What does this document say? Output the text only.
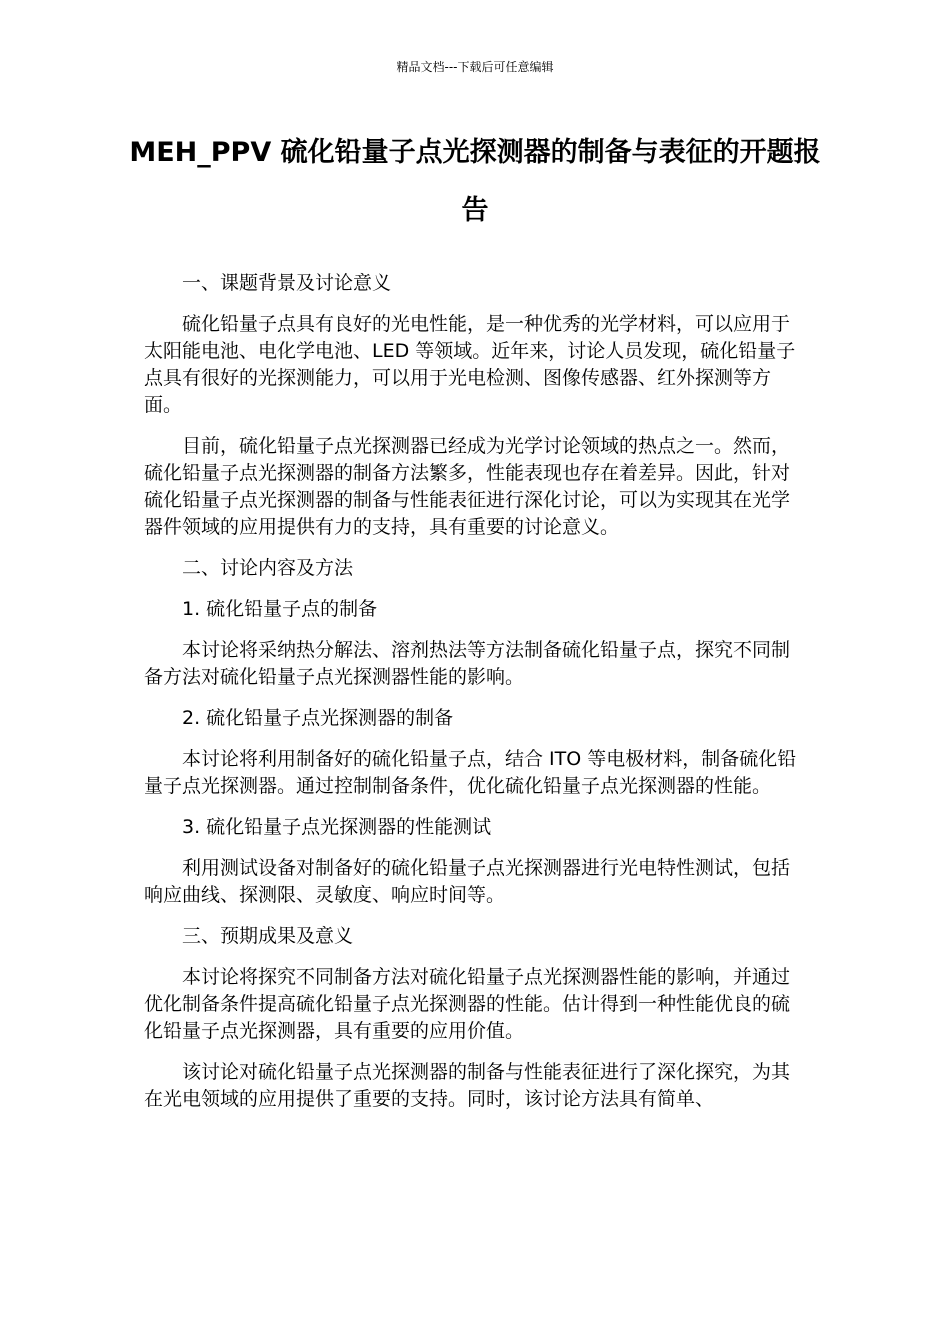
精品文档---下载后可任意编辑
MEH_PPV 硫化铅量子点光探测器的制备与表征的开题报告

一、课题背景及讨论意义

硫化铅量子点具有良好的光电性能，是一种优秀的光学材料，可以应用于太阳能电池、电化学电池、LED 等领域。近年来，讨论人员发现，硫化铅量子点具有很好的光探测能力，可以用于光电检测、图像传感器、红外探测等方面。

目前，硫化铅量子点光探测器已经成为光学讨论领域的热点之一。然而，硫化铅量子点光探测器的制备方法繁多，性能表现也存在着差异。因此，针对硫化铅量子点光探测器的制备与性能表征进行深化讨论，可以为实现其在光学器件领域的应用提供有力的支持，具有重要的讨论意义。

二、讨论内容及方法

1. 硫化铅量子点的制备

本讨论将采纳热分解法、溶剂热法等方法制备硫化铅量子点，探究不同制备方法对硫化铅量子点光探测器性能的影响。

2. 硫化铅量子点光探测器的制备

本讨论将利用制备好的硫化铅量子点，结合 ITO 等电极材料，制备硫化铅量子点光探测器。通过控制制备条件，优化硫化铅量子点光探测器的性能。

3. 硫化铅量子点光探测器的性能测试

利用测试设备对制备好的硫化铅量子点光探测器进行光电特性测试，包括响应曲线、探测限、灵敏度、响应时间等。

三、预期成果及意义

本讨论将探究不同制备方法对硫化铅量子点光探测器性能的影响，并通过优化制备条件提高硫化铅量子点光探测器的性能。估计得到一种性能优良的硫化铅量子点光探测器，具有重要的应用价值。

该讨论对硫化铅量子点光探测器的制备与性能表征进行了深化探究，为其在光电领域的应用提供了重要的支持。同时，该讨论方法具有简单、
